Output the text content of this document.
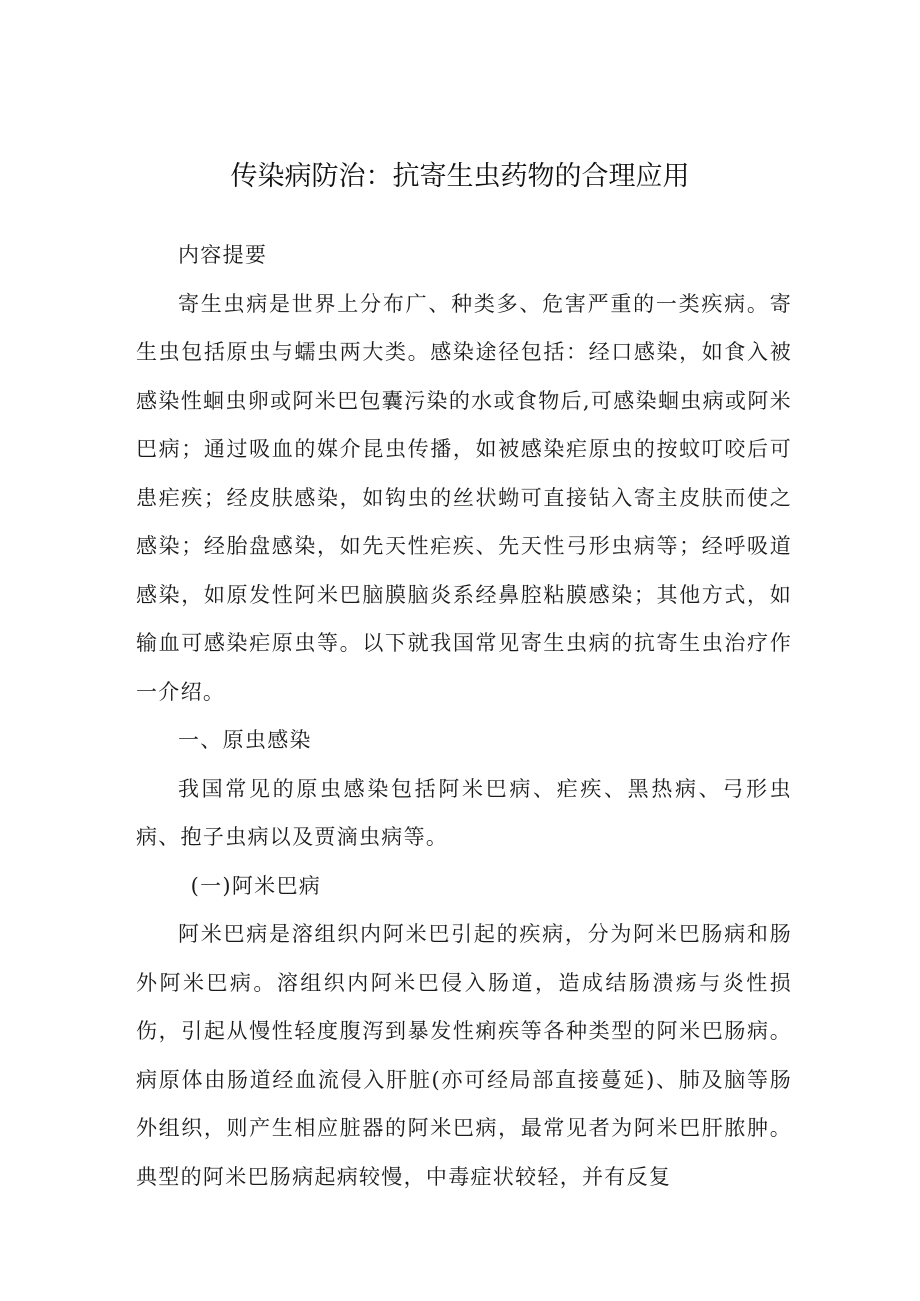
传染病防治：抗寄生虫药物的合理应用

内容提要

寄生虫病是世界上分布广、种类多、危害严重的一类疾病。寄生虫包括原虫与蠕虫两大类。感染途径包括：经口感染，如食入被感染性蛔虫卵或阿米巴包囊污染的水或食物后,可感染蛔虫病或阿米巴病；通过吸血的媒介昆虫传播，如被感染疟原虫的按蚊叮咬后可患疟疾；经皮肤感染，如钩虫的丝状蚴可直接钻入寄主皮肤而使之感染；经胎盘感染，如先天性疟疾、先天性弓形虫病等；经呼吸道感染，如原发性阿米巴脑膜脑炎系经鼻腔粘膜感染；其他方式，如输血可感染疟原虫等。以下就我国常见寄生虫病的抗寄生虫治疗作一介绍。

一、原虫感染

我国常见的原虫感染包括阿米巴病、疟疾、黑热病、弓形虫病、抱子虫病以及贾滴虫病等。

(一)阿米巴病

阿米巴病是溶组织内阿米巴引起的疾病，分为阿米巴肠病和肠外阿米巴病。溶组织内阿米巴侵入肠道，造成结肠溃疡与炎性损伤，引起从慢性轻度腹泻到暴发性痢疾等各种类型的阿米巴肠病。病原体由肠道经血流侵入肝脏(亦可经局部直接蔓延)、肺及脑等肠外组织，则产生相应脏器的阿米巴病，最常见者为阿米巴肝脓肿。典型的阿米巴肠病起病较慢，中毒症状较轻，并有反复
